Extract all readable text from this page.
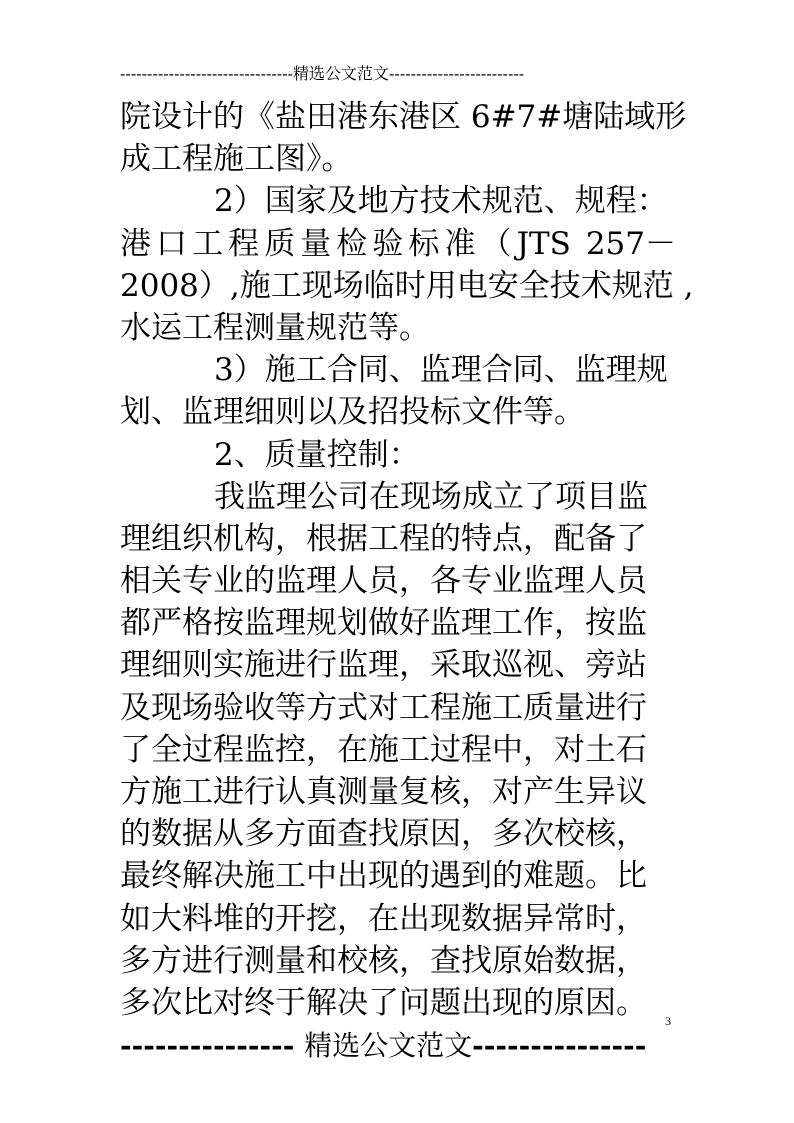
--------------------------------精选公文范文-------------------------
院设计的《盐田港东港区 6#7#塘陆域形
成工程施工图》。
2）国家及地方技术规范、规程：
港口工程质量检验标准（JTS 257－
2008）,施工现场临时用电安全技术规范 ,
水运工程测量规范等。
3）施工合同、监理合同、监理规
划、监理细则以及招投标文件等。
2、质量控制：
我监理公司在现场成立了项目监
理组织机构，根据工程的特点，配备了
相关专业的监理人员，各专业监理人员
都严格按监理规划做好监理工作，按监
理细则实施进行监理，采取巡视、旁站
及现场验收等方式对工程施工质量进行
了全过程监控，在施工过程中，对土石
方施工进行认真测量复核，对产生异议
的数据从多方面查找原因，多次校核，
最终解决施工中出现的遇到的难题。比
如大料堆的开挖，在出现数据异常时，
多方进行测量和校核，查找原始数据，
多次比对终于解决了问题出现的原因。
3
--------------- 精选公文范文---------------
